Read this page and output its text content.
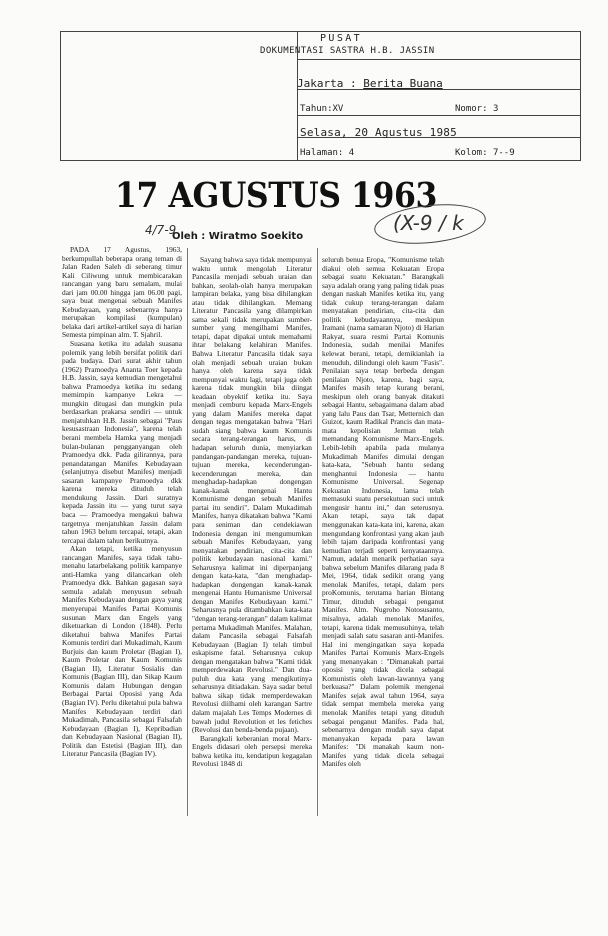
PUSAT
DOKUMENTASI SASTRA H.B. JASSIN
Jakarta : Berita Buana
Tahun:XV	Nomor: 3
Selasa, 20 Agustus 1985
Halaman: 4	Kolom: 7--9
17 AGUSTUS 1963
4/7-9	(X-9 / k
Oleh : Wiratmo Soekito

PADA 17 Agustus, 1963, berkumpullah beberapa orang teman di Jalan Raden Saleh di seberang timur Kali Ciliwung untuk membicarakan rancangan yang baru semalam, mulai dari jam 00.00 hingga jam 06.00 pagi, saya buat mengenai sebuah Manifes Kebudayaan, yang sebenarnya hanya merupakan kompilasi (kumpulan) belaka dari artikel-artikel saya di harian Semesta pimpinan alm. T. Sjahril.

Suasana ketika itu adalah suasana polemik yang lebih bersifat politik dari pada budaya. Dari surat akhir tahun (1962) Pramoedya Ananta Toer kepada H.B. Jassin, saya kemudian mengetahui bahwa Pramoedya ketika itu sedang memimpin kampanye Lekra — mungkin ditugasi dan mungkin pula berdasarkan prakarsa sendiri — untuk menjatuhkan H.B. Jassin sebagai "Paus kesusastraan Indonesia", karena telah berani membela Hamka yang menjadi bulan-bulanan pengganyangan oleh Pramoedya dkk. Pada gilirannya, para penandatangan Manifes Kebudayaan (selanjutnya disebut Manifes) menjadi sasaran kampanye Pramoedya dkk karena mereka dituduh telah mendukung Jassin. Dari suratnya kepada Jassin itu — yang turut saya baca — Pramoedya mengakui bahwa targetnya menjatuhkan Jassin dalam tahun 1963 belum tercapai, tetapi, akan tercapai dalam tahun berikutnya.

Akan tetapi, ketika menyusun rancangan Manifes, saya tidak tahu-menahu latarbelakang politik kampanye anti-Hamka yang dilancarkan oleh Pramoedya dkk. Bahkan gagasan saya semula adalah menyusun sebuah Manifes Kebudayaan dengan gaya yang menyerupai Manifes Partai Komunis susunan Marx dan Engels yang diketuarkan di London (1848). Perlu diketahui bahwa Manifes Partai Komunis terdiri dari Mukadimah, Kaum Burjuis dan kaum Proletar (Bagian I), Kaum Proletar dan Kaum Komunis (Bagian II), Literatur Sosialis dan Komunis (Bagian III), dan Sikap Kaum Komunis dalam Hubungan dengan Berbagai Partai Oposisi yang Ada (Bagian IV). Perlu diketahui pula bahwa Manifes Kebudayaan terdiri dari Mukadimah, Pancasila sebagai Falsafah Kebudayaan (Bagian I), Kepribadian dan Kebudayaan Nasional (Bagian II), Politik dan Estetisi (Bagian III), dan Literatur Pancasila (Bagian IV).

Sayang bahwa saya tidak mempunyai waktu untuk mengolah Literatur Pancasila menjadi sebuah uraian dan bahkan, seolah-olah hanya merupakan lampiran belaka, yang bisa dihilangkan atau tidak dihilangkan. Memang Literatur Pancasila yang dilampirkan sama sekali tidak merupakan sumber-sumber yang mengilhami Manifes, tetapi, dapat dipakai untuk memahami ihtar belakang kelahiran Manifes. Bahwa Literatur Pancasila tidak saya olah menjadi sebuah uraian bukan hanya oleh karena saya tidak mempunyai waktu lagi, tetapi juga oleh karena tidak mungkin bila diingat keadaan obyektif ketika itu. Saya menjadi cemburu kepada Marx-Engels yang dalam Manifes mereka dapat dengan tegas mengatakan bahwa "Hari sudah siang bahwa kaum Komunis secara terang-terangan harus, di hadapan seluruh dunia, menyiarkan pandangan-pandangan mereka, tujuan-tujuan mereka, kecenderungan-kecenderungan mereka, dan menghadap-hadapkan dongengan kanak-kanak mengenai Hantu Komunisme dengan sebuah Manifes partai itu sendiri". Dalam Mukadimah Manifes, hanya dikatakan bahwa "Kami para seniman dan cendekiawan Indonesia dengan ini mengumumkan sebuah Manifes Kebudayaan, yang menyatakan pendirian, cita-cita dan politik kebudayaan nasional kami." Seharusnya kalimat ini diperpanjang dengan kata-kata, "dan menghadap-hadapkan dongengan kanak-kanak mengenai Hantu Humanisme Universal dengan Manifes Kebudayaan kami." Seharusnya pula ditambahkan kata-kata "dengan terang-terangan" dalam kalimat pertama Mukadimah Manifes. Malahan, dalam Pancasila sebagai Falsafah Kebudayaan (Bagian I) telah timbul eskapisme fatal. Seharusnya cukup dengan mengatakan bahwa "Kami tidak memperdewakan Revolusi." Dan dua-puluh dua kata yang mengikutinya seharusnya ditiadakan. Saya sadar betul bahwa sikap tidak memperdewakan Revolusi diilhami oleh karangan Sartre dalam majalah Les Temps Modernes di bawah judul Revolution et les fetiches (Revolusi dan benda-benda pujaan).

Barangkali keberanian moral Marx-Engels didasari oleh persepsi mereka bahwa ketika itu, kendatipun kegagalan Revolusi 1848 di

seluruh benua Eropa, "Komunisme telah diakui oleh semua Kekuatan Eropa sebagai suatu Kekuatan." Barangkali saya adalah orang yang paling tidak puas dengan naskah Manifes ketika itu, yang tidak cukup terang-terangan dalam menyatakan pendirian, cita-cita dan politik kebudayaannya, meskipun Iramani (nama samaran Njoto) di Harian Rakyat, suara resmi Partai Komunis Indonesia, sudah menilai Manifes kelewat berani, tetapi, demikianlah ia menuduh, dilindungi oleh kaum "Fasis". Penilaian saya tetap berbeda dengan penilaian Njoto, karena, bagi saya, Manifes masih tetap kurang berani, meskipun oleh orang banyak ditakuti sebagai Hantu, sebagaimana dalam abad yang lalu Paus dan Tsar, Metternich dan Guizot, kaum Radikal Prancis dan mata-mata kepolisian Jerman telah memandang Komunisme Marx-Engels. Lebih-lebih apabila pada mulanya Mukadimah Manifes dimulai dengan kata-kata, "Sebuah hantu sedang menghantui Indonesia — hantu Komunisme Universal. Segenap Kekuatan Indonesia, lama telah memasuki suatu persekutuan suci untuk mengusir hantu ini," dan seterusnya. Akan tetapi, saya tak dapat menggunakan kata-kata ini, karena, akan mengundang konfrontasi yang akan jauh lebih tajam daripada konfrontasi yang kemudian terjadi seperti kenyataannya. Namun, adalah menarik perhatian saya bahwa sebelum Manifes dilarang pada 8 Mei, 1964, tidak sedikit orang yang menolak Manifes, tetapi, dalam pers proKomunis, terutama harian Bintang Timur, dituduh sebagai penganut Manifes. Alm. Nugroho Notosusanto, misalnya, adalah menolak Manifes, tetapi, karena tidak memusuhinya, telah menjadi salah satu sasaran anti-Manifes. Hal ini mengingatkan saya kepada Manifes Partai Komunis Marx-Engels yang menanyakan : "Dimanakah partai oposisi yang tidak dicela sebagai Komunistis oleh lawan-lawannya yang berkuasa?" Dalam polemik mengenai Manifes sejak awal tahun 1964, saya tidak sempat membela mereka yang menolak Manifes tetapi yang dituduh sebagai penganut Manifes. Pada hal, sebenarnya dengan mudah saya dapat menanyakan kepada para lawan Manifes: "Di manakah kaum non-Manifes yang tidak dicela sebagai Manifes oleh
